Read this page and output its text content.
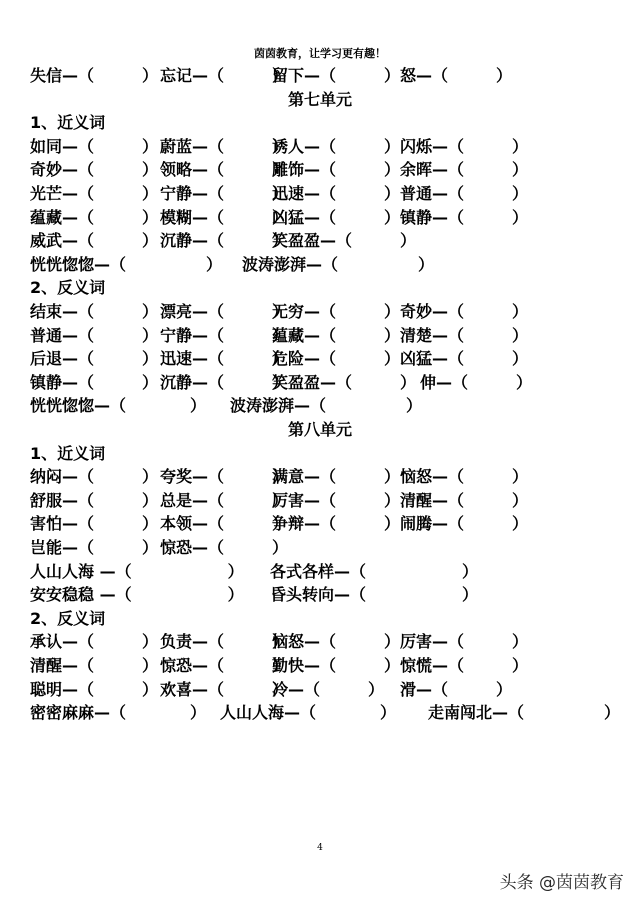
茵茵教育，让学习更有趣！
失信—（　　　） 忘记—（　　　）
留下—（　　　） 怒—（　　　）
第七单元
1、近义词
如同—（　　　） 蔚蓝—（　　　）
诱人—（　　　） 闪烁—（　　　）
奇妙—（　　　） 领略—（　　　）
雕饰—（　　　） 余晖—（　　　）
光芒—（　　　） 宁静—（　　　）
迅速—（　　　） 普通—（　　　）
蕴藏—（　　　） 模糊—（　　　）
凶猛—（　　　） 镇静—（　　　）
威武—（　　　） 沉静—（　　　）
笑盈盈—（　　　）
恍恍惚惚—（　　　　　） 波涛澎湃—（　　　　　）
2、反义词
结束—（　　　） 漂亮—（　　　）
无穷—（　　　） 奇妙—（　　　）
普通—（　　　） 宁静—（　　　）
蕴藏—（　　　） 清楚—（　　　）
后退—（　　　） 迅速—（　　　）
危险—（　　　） 凶猛—（　　　）
镇静—（　　　） 沉静—（　　　）
笑盈盈—（　　　） 伸—（　　　）
恍恍惚惚—（　　　　） 波涛澎湃—（　　　　　）
第八单元
1、近义词
纳闷—（　　　） 夸奖—（　　　）
满意—（　　　） 恼怒—（　　　）
舒服—（　　　） 总是—（　　　）
厉害—（　　　） 清醒—（　　　）
害怕—（　　　） 本领—（　　　）
争辩—（　　　） 闹腾—（　　　）
岂能—（　　　） 惊恐—（　　　）
人山人海 —（　　　　　　） 各式各样—（　　　　　　）
安安稳稳 —（　　　　　　） 昏头转向—（　　　　　　）
2、反义词
承认—（　　　） 负责—（　　　）
恼怒—（　　　） 厉害—（　　　）
清醒—（　　　） 惊恐—（　　　）
勤快—（　　　） 惊慌—（　　　）
聪明—（　　　） 欢喜—（　　　）
冷—（　　　） 滑—（　　　）
密密麻麻—（　　　　） 人山人海—（　　　　） 走南闯北—（　　　　　）
4
头条 @茵茵教育
